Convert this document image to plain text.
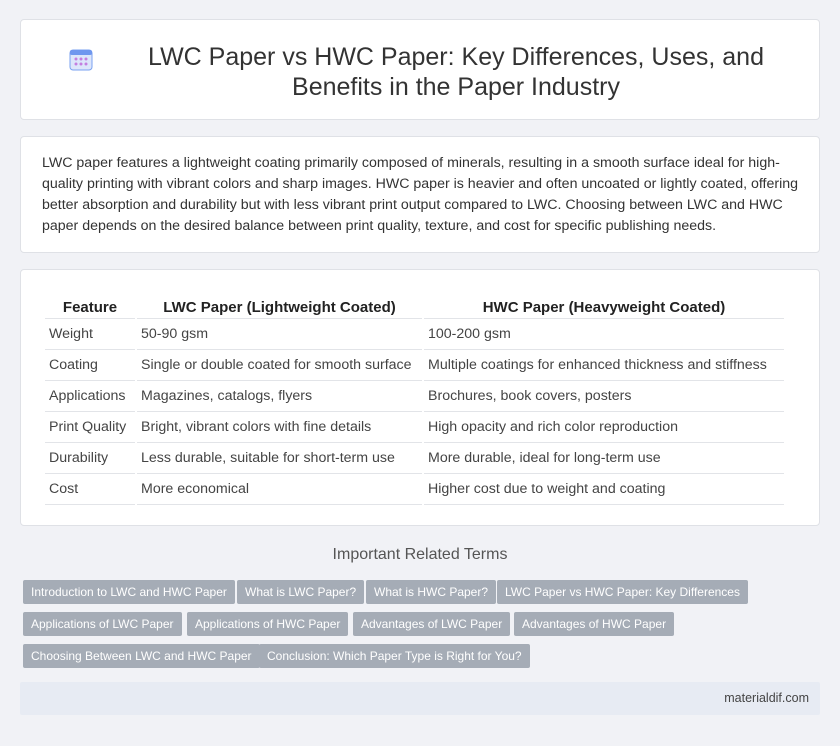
LWC Paper vs HWC Paper: Key Differences, Uses, and Benefits in the Paper Industry

LWC paper features a lightweight coating primarily composed of minerals, resulting in a smooth surface ideal for high-quality printing with vibrant colors and sharp images. HWC paper is heavier and often uncoated or lightly coated, offering better absorption and durability but with less vibrant print output compared to LWC. Choosing between LWC and HWC paper depends on the desired balance between print quality, texture, and cost for specific publishing needs.

Feature	LWC Paper (Lightweight Coated)	HWC Paper (Heavyweight Coated)
Weight	50-90 gsm	100-200 gsm
Coating	Single or double coated for smooth surface	Multiple coatings for enhanced thickness and stiffness
Applications	Magazines, catalogs, flyers	Brochures, book covers, posters
Print Quality	Bright, vibrant colors with fine details	High opacity and rich color reproduction
Durability	Less durable, suitable for short-term use	More durable, ideal for long-term use
Cost	More economical	Higher cost due to weight and coating
Important Related Terms
Introduction to LWC and HWC Paper	What is LWC Paper?	What is HWC Paper?	LWC Paper vs HWC Paper: Key Differences
Applications of LWC Paper	Applications of HWC Paper	Advantages of LWC Paper	Advantages of HWC Paper
Choosing Between LWC and HWC Paper	Conclusion: Which Paper Type is Right for You?
materialdif.com
